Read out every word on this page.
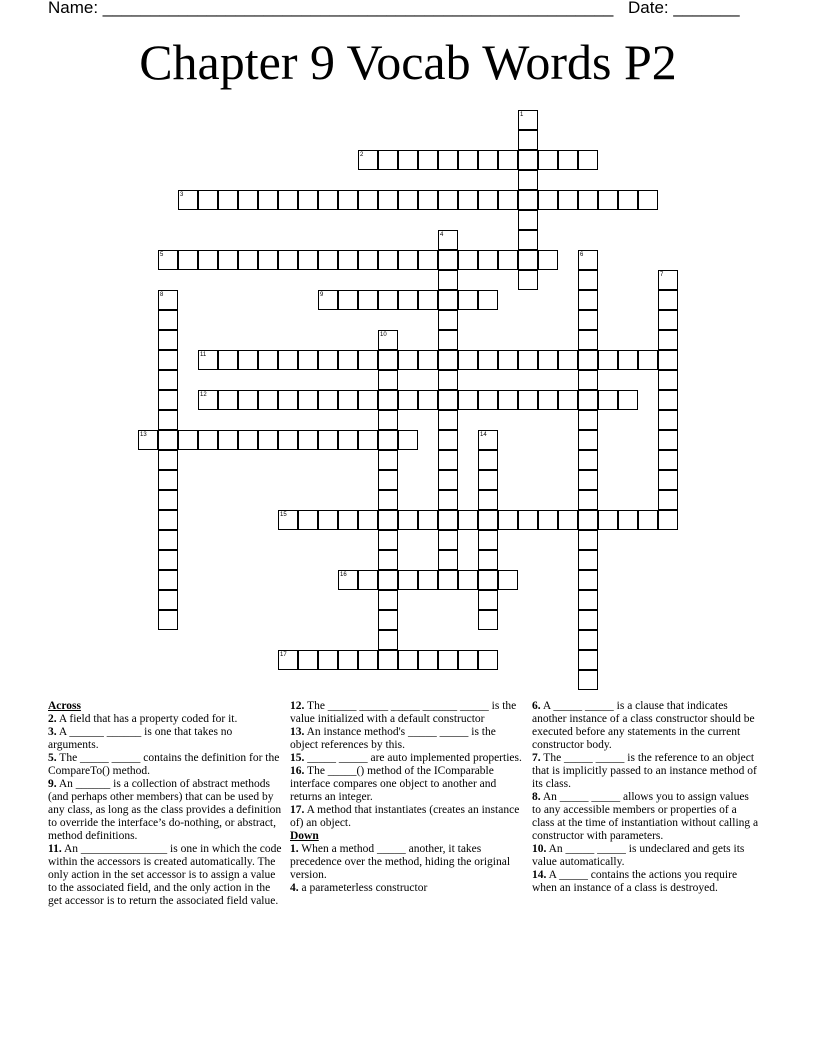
Name: ______________________________________________________ Date: _______
Chapter 9 Vocab Words P2
1
2
3
4
5	6
7
8	9
10
11
12
13	14
15
16
17
Across

2. A field that has a property coded for it.

3. A ______ ______ is one that takes no arguments.

5. The _____ _____ contains the definition for the CompareTo() method.

9. An ______ is a collection of abstract methods (and perhaps other members) that can be used by any class, as long as the class provides a definition to override the interface’s do-nothing, or abstract, method definitions.

11. An _______________ is one in which the code within the accessors is created automatically. The only action in the set accessor is to assign a value to the associated field, and the only action in the get accessor is to return the associated field value.

12. The _____ _____ _____ ______ _____ is the value initialized with a default constructor

13. An instance method's _____ _____ is the object references by this.

15. _____ _____ are auto implemented properties.

16. The _____() method of the IComparable interface compares one object to another and returns an integer.

17. A method that instantiates (creates an instance of) an object.

Down

1. When a method _____ another, it takes precedence over the method, hiding the original version.

4. a parameterless constructor

6. A _____ _____ is a clause that indicates another instance of a class constructor should be executed before any statements in the current constructor body.

7. The _____ _____ is the reference to an object that is implicitly passed to an instance method of its class.

8. An _____ _____ allows you to assign values to any accessible members or properties of a class at the time of instantiation without calling a constructor with parameters.

10. An _____ _____ is undeclared and gets its value automatically.

14. A _____ contains the actions you require when an instance of a class is destroyed.
